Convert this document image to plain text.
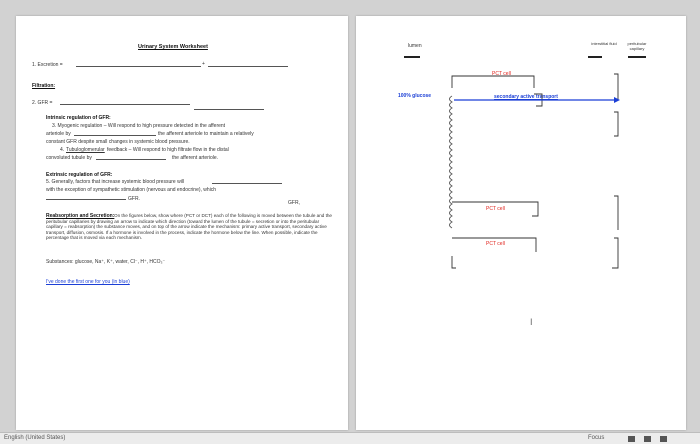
Urinary System Worksheet
1. Excretion =	+
Filtration:
2. GFR =
Intrinsic regulation of GFR:
3. Myogenic regulation – Will respond to high pressure detected in the afferent
arteriole by	the afferent arteriole to maintain a relatively
constant GFR despite small changes in systemic blood pressure.
4. Tubuloglomerular feedback – Will respond to high filtrate flow in the distal
convoluted tubule by	the afferent arteriole.
Extrinsic regulation of GFR:
5. Generally, factors that increase systemic blood pressure will
GFR,
with the exception of sympathetic stimulation (nervous and endocrine), which
GFR.
Reabsorption and Secretion: On the figures below, show where (PCT or DCT) each of the following is moved between the tubule and the peritubular capillaries by drawing an arrow to indicate which direction (toward the lumen of the tubule = secretion or into the peritubular capillary = reabsorption) the substance moves, and on top of the arrow indicate the mechanism: primary active transport, secondary active transport, diffusion, osmosis. If a hormone is involved in the process, indicate the hormone below the line. When possible, indicate the percentage that is moved via each mechanism.
Substances: glucose, Na⁺, K⁺, water, Cl⁻, H⁺, HCO₃⁻
I've done the first one for you (in blue)
lumen	interstitial fluid	peritubular capillary
PCT cell
100% glucose	secondary active transport
PCT cell
PCT cell
I
English (United States)	Focus
